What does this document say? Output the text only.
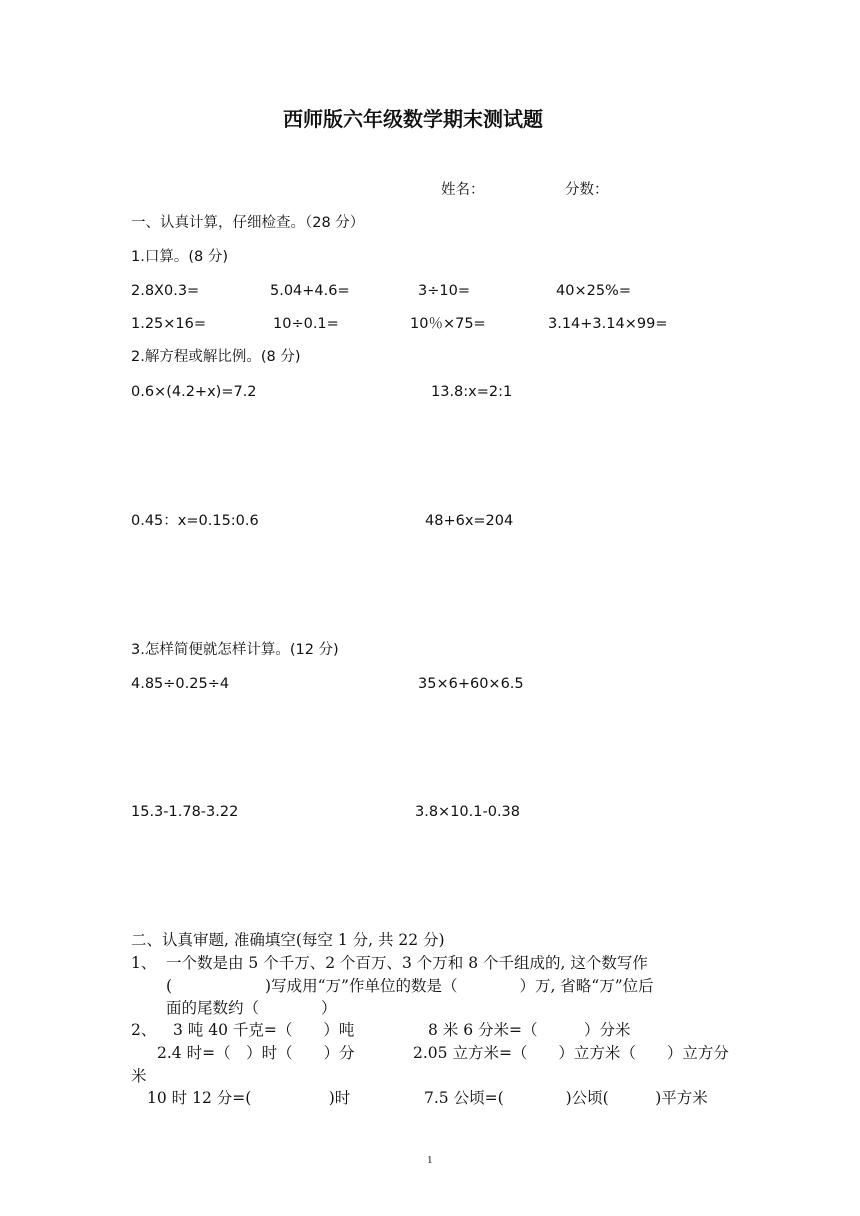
西师版六年级数学期末测试题
姓名：	分数：
一、认真计算，仔细检查。（28 分）
1.口算。(8 分)
2.8X0.3=	5.04+4.6=	3÷10=	40×25%=
1.25×16=	10÷0.1=	10％×75=	3.14+3.14×99=
2.解方程或解比例。(8 分)
0.6×(4.2+x)=7.2	13.8:x=2:1
0.45：x=0.15:0.6	48+6x=204
3.怎样简便就怎样计算。(12 分)
4.85÷0.25÷4	35×6+60×6.5
15.3-1.78-3.22	3.8×10.1-0.38
二、认真审题, 准确填空(每空 1 分, 共 22 分)
1、 一个数是由 5 个千万、2 个百万、3 个万和 8 个千组成的, 这个数写作
(　　　　　　)写成用“万”作单位的数是（　　　　）万, 省略“万”位后
面的尾数约（　　　　）
2、 3 吨 40 千克=（　　）吨	8 米 6 分米=（　　　）分米
2.4 时=（　）时（　　）分	2.05 立方米=（　　）立方米（　　）立方分
米
10 时 12 分=(　　　　　)时	7.5 公顷=(　　　　)公顷(　　　)平方米
1
